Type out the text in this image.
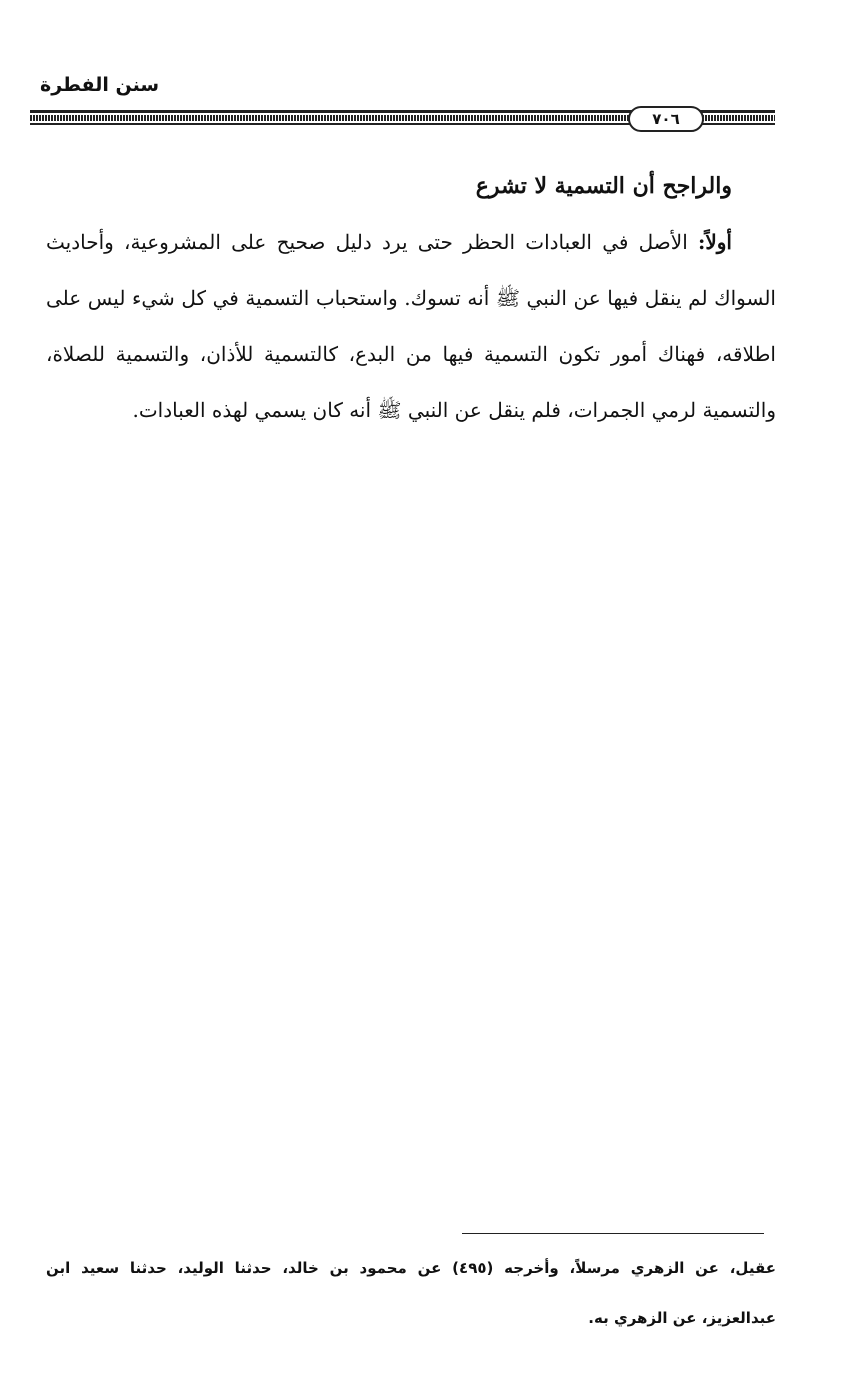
سنن الفطرة
٧٠٦

والراجح أن التسمية لا تشرع

أولاً: الأصل في العبادات الحظر حتى يرد دليل صحيح على المشروعية، وأحاديث السواك لم ينقل فيها عن النبي ﷺ أنه تسوك. واستحباب التسمية في كل شيء ليس على اطلاقه، فهناك أمور تكون التسمية فيها من البدع، كالتسمية للأذان، والتسمية للصلاة، والتسمية لرمي الجمرات، فلم ينقل عن النبي ﷺ أنه كان يسمي لهذه العبادات.

عقيل، عن الزهري مرسلاً، وأخرجه (٤٩٥) عن محمود بن خالد، حدثنا الوليد، حدثنا سعيد ابن عبدالعزيز، عن الزهري به.
